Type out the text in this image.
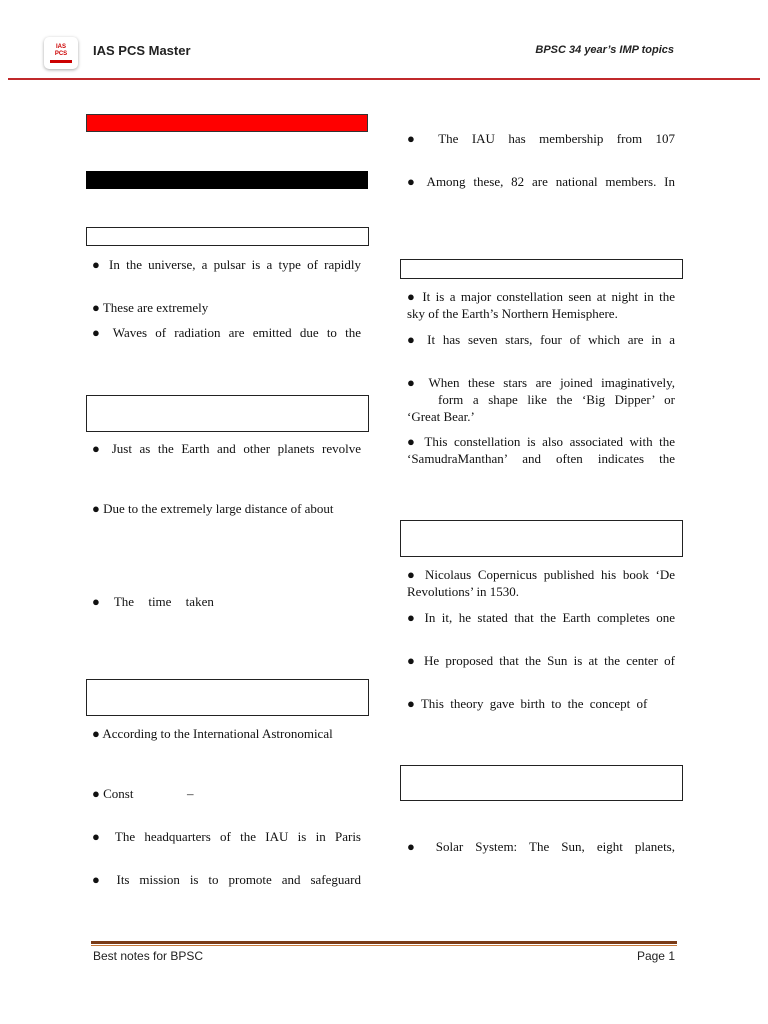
IAS
PCS IAS PCS Master	BPSC 34 year’s IMP topics
● In the universe, a pulsar is a type of rapidly
● These are extremely
● Waves of radiation are emitted due to the
● Just as the Earth and other planets revolve
● Due to the extremely large distance of about
● The time taken
● According to the International Astronomical
● Const	–
● The headquarters of the IAU is in Paris
● Its mission is to promote and safeguard
● The IAU has membership from 107
● Among these, 82 are national members. In
● It is a major constellation seen at night in the
sky of the Earth’s Northern Hemisphere.
● It has seven stars, four of which are in a
● When these stars are joined imaginatively,
form a shape like the ‘Big Dipper’ or
‘Great Bear.’
● This constellation is also associated with the
‘SamudraManthan’ and often indicates the
● Nicolaus Copernicus published his book ‘De
Revolutions’ in 1530.
● In it, he stated that the Earth completes one
● He proposed that the Sun is at the center of
● This theory gave birth to the concept of
● Solar System: The Sun, eight planets,
Best notes for BPSC	Page 1
